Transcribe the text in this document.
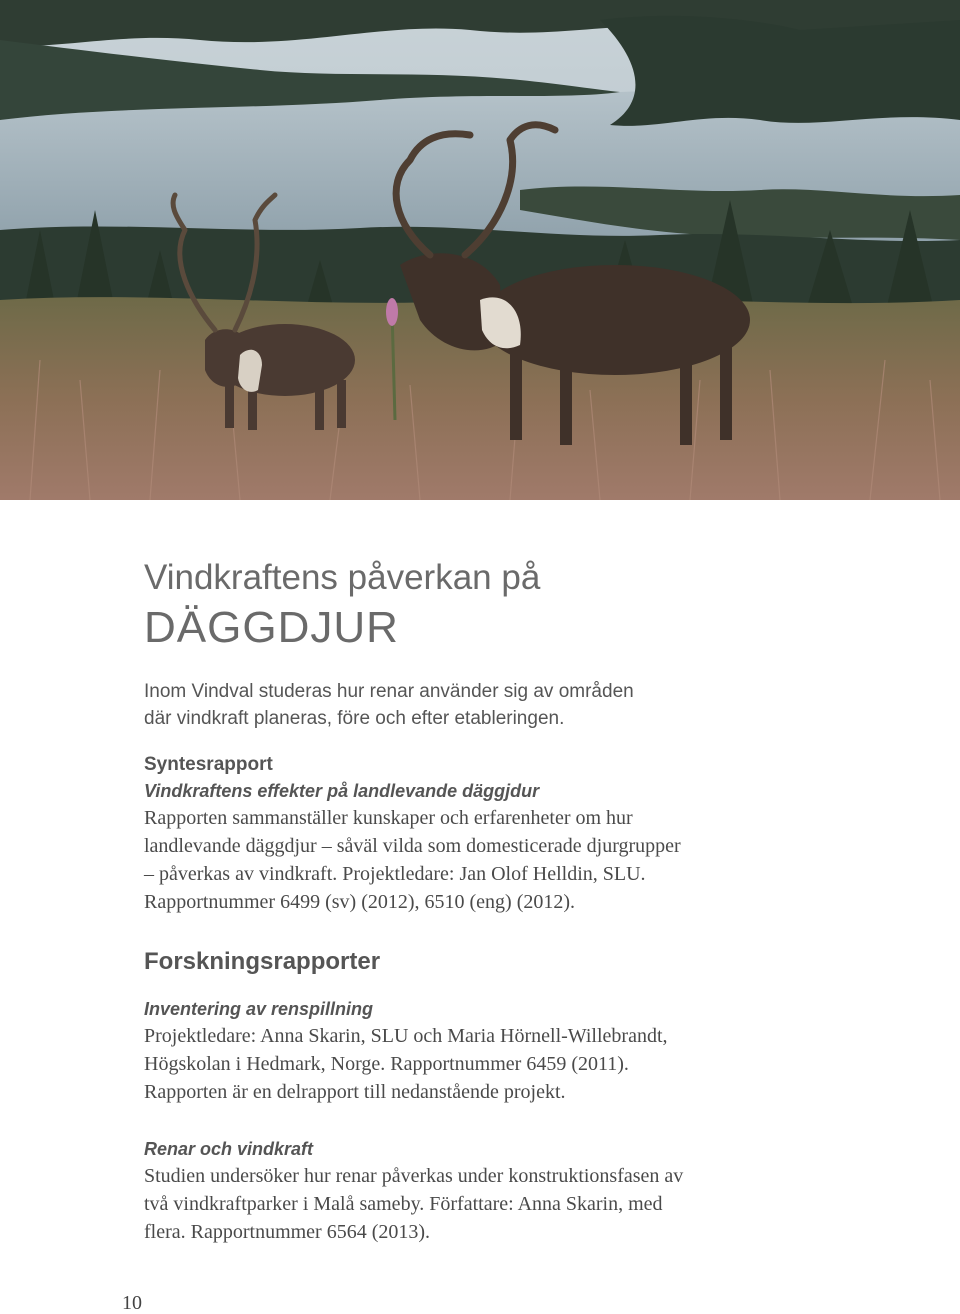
Vindkraftens påverkan på
DÄGGDJUR
Inom Vindval studeras hur renar använder sig av områden
där vindkraft planeras, före och efter etableringen.
Syntesrapport
Vindkraftens effekter på landlevande däggjdur
Rapporten sammanställer kunskaper och erfarenheter om hur
landlevande däggdjur – såväl vilda som domesticerade djurgrupper
– påverkas av vindkraft. Projektledare: Jan Olof Helldin, SLU.
Rapportnummer 6499 (sv) (2012), 6510 (eng) (2012).
Forskningsrapporter
Inventering av renspillning
Projektledare: Anna Skarin, SLU och Maria Hörnell-Willebrandt,
Högskolan i Hedmark, Norge. Rapportnummer 6459 (2011).
Rapporten är en delrapport till nedanstående projekt.
Renar och vindkraft
Studien undersöker hur renar påverkas under konstruktionsfasen av
två vindkraftparker i Malå sameby. Författare: Anna Skarin, med
flera. Rapportnummer 6564 (2013).
10
